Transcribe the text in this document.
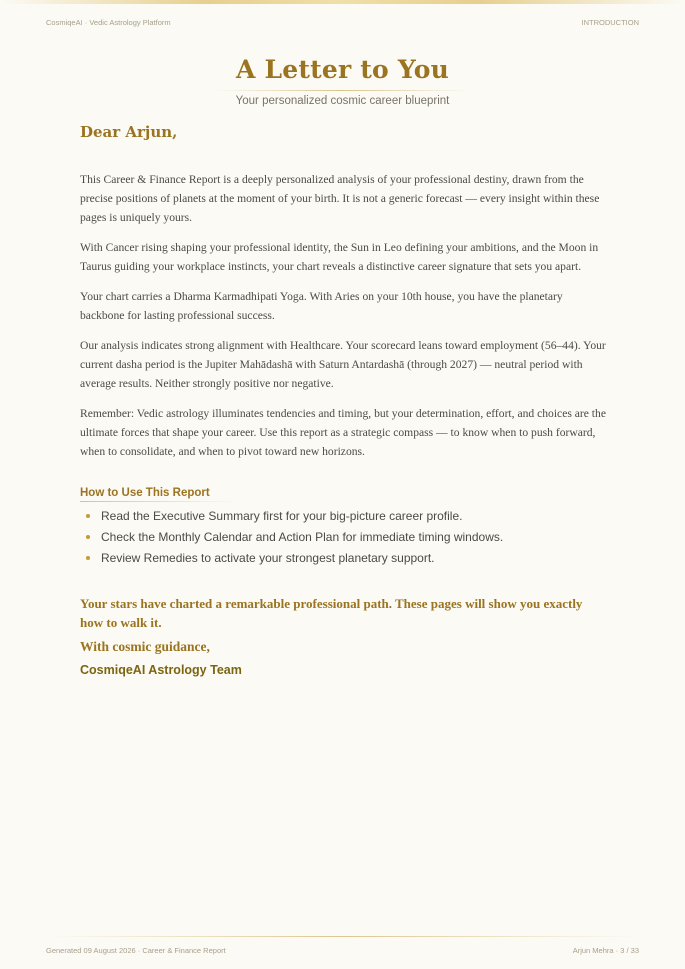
CosmiqeAI · Vedic Astrology Platform	INTRODUCTION
A Letter to You
Your personalized cosmic career blueprint
Dear Arjun,

This Career & Finance Report is a deeply personalized analysis of your professional destiny, drawn from the precise positions of planets at the moment of your birth. It is not a generic forecast — every insight within these pages is uniquely yours.

With Cancer rising shaping your professional identity, the Sun in Leo defining your ambitions, and the Moon in Taurus guiding your workplace instincts, your chart reveals a distinctive career signature that sets you apart.

Your chart carries a Dharma Karmadhipati Yoga. With Aries on your 10th house, you have the planetary backbone for lasting professional success.

Our analysis indicates strong alignment with Healthcare. Your scorecard leans toward employment (56–44). Your current dasha period is the Jupiter Mahādashā with Saturn Antardashā (through 2027) — neutral period with average results. Neither strongly positive nor negative.

Remember: Vedic astrology illuminates tendencies and timing, but your determination, effort, and choices are the ultimate forces that shape your career. Use this report as a strategic compass — to know when to push forward, when to consolidate, and when to pivot toward new horizons.

How to Use This Report
Read the Executive Summary first for your big-picture career profile.
Check the Monthly Calendar and Action Plan for immediate timing windows.
Review Remedies to activate your strongest planetary support.
Your stars have charted a remarkable professional path. These pages will show you exactly how to walk it.
With cosmic guidance,
CosmiqeAI Astrology Team
Generated 09 August 2026 · Career & Finance Report	Arjun Mehra · 3 / 33
